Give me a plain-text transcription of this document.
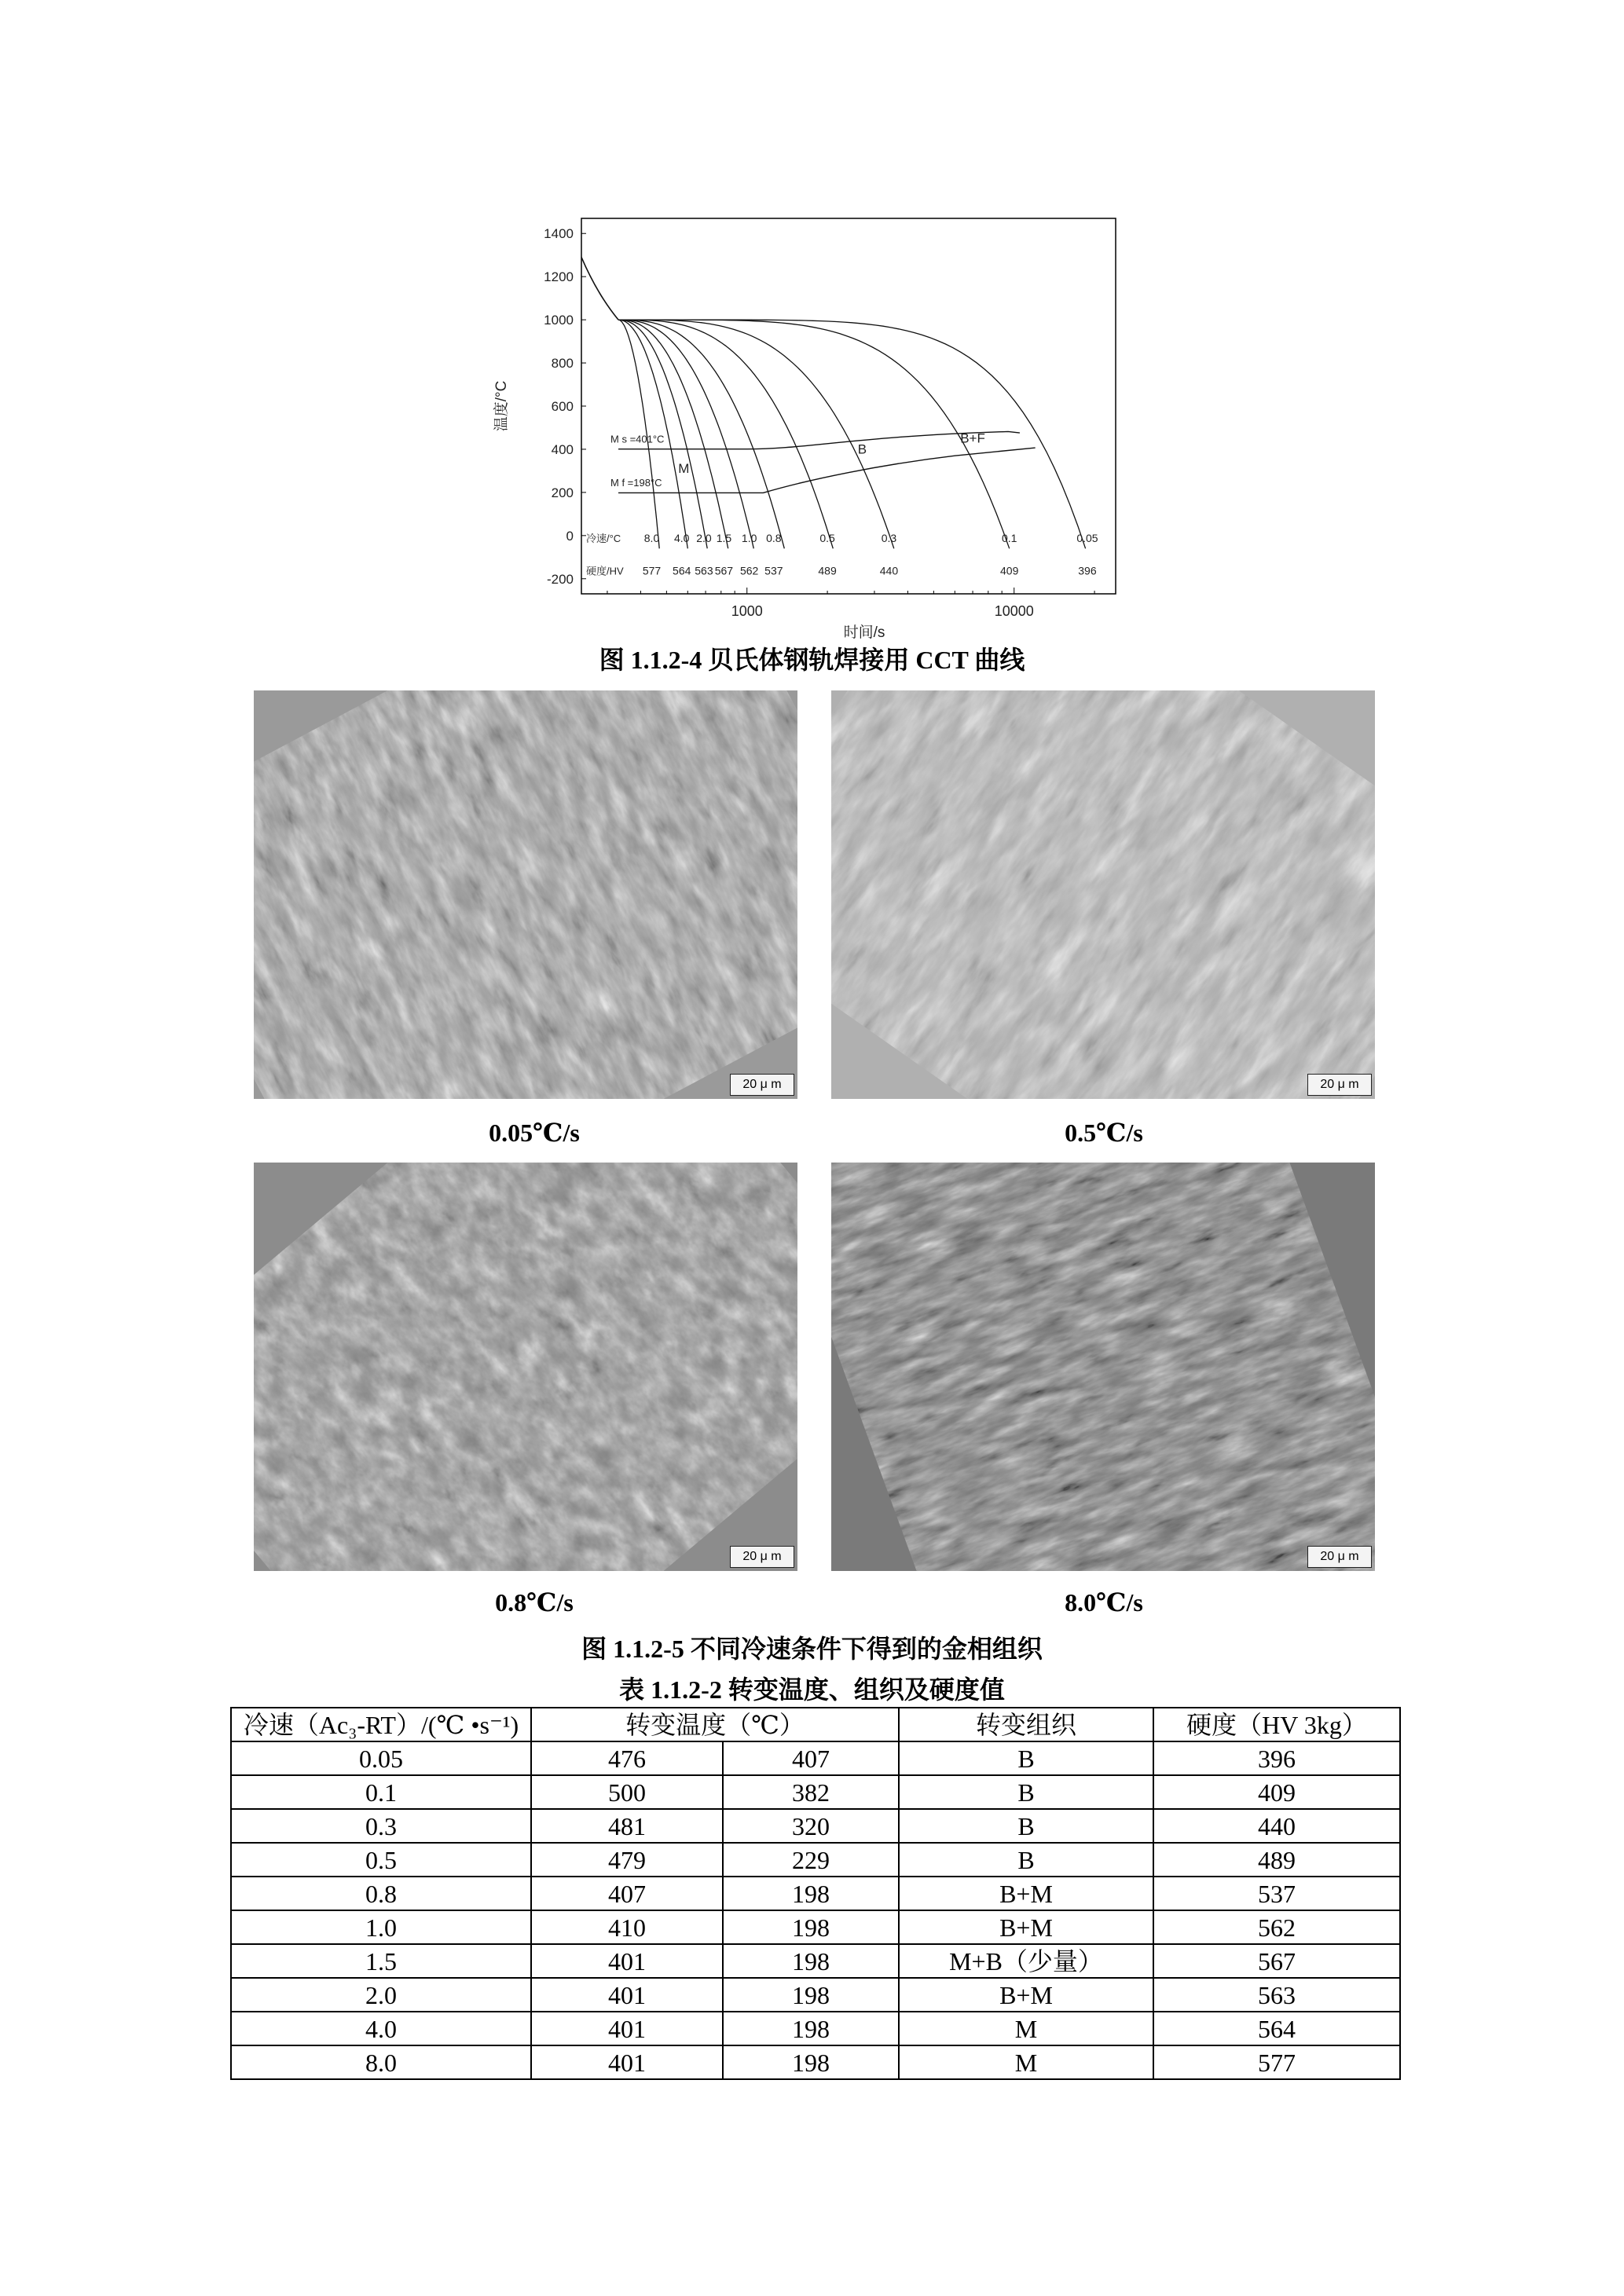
1400
1200
1000
800
600
400
200
0
-200
1000	10000
时间/s
温度/°C
M s =401°C
M f =198°C
M
B
B+F
冷速/°C
硬度/HV
8.0 4.0 2.0 1.5 1.0 0.8	0.5	0.3	0.1	0.05
577 564 563 567 562 537	489	440	409	396
图 1.1.2-4 贝氏体钢轨焊接用 CCT 曲线
20 μ m	20 μ m
0.05℃/s	0.5℃/s
20 μ m	20 μ m
0.8℃/s	8.0℃/s
图 1.1.2-5 不同冷速条件下得到的金相组织
表 1.1.2-2 转变温度、组织及硬度值
冷速（Ac₃-RT）/(℃ •s⁻¹)	转变温度（℃）		转变组织	硬度（HV 3kg）
0.05	476	407	B	396
0.1	500	382	B	409
0.3	481	320	B	440
0.5	479	229	B	489
0.8	407	198	B+M	537
1.0	410	198	B+M	562
1.5	401	198	M+B（少量）	567
2.0	401	198	B+M	563
4.0	401	198	M	564
8.0	401	198	M	577
